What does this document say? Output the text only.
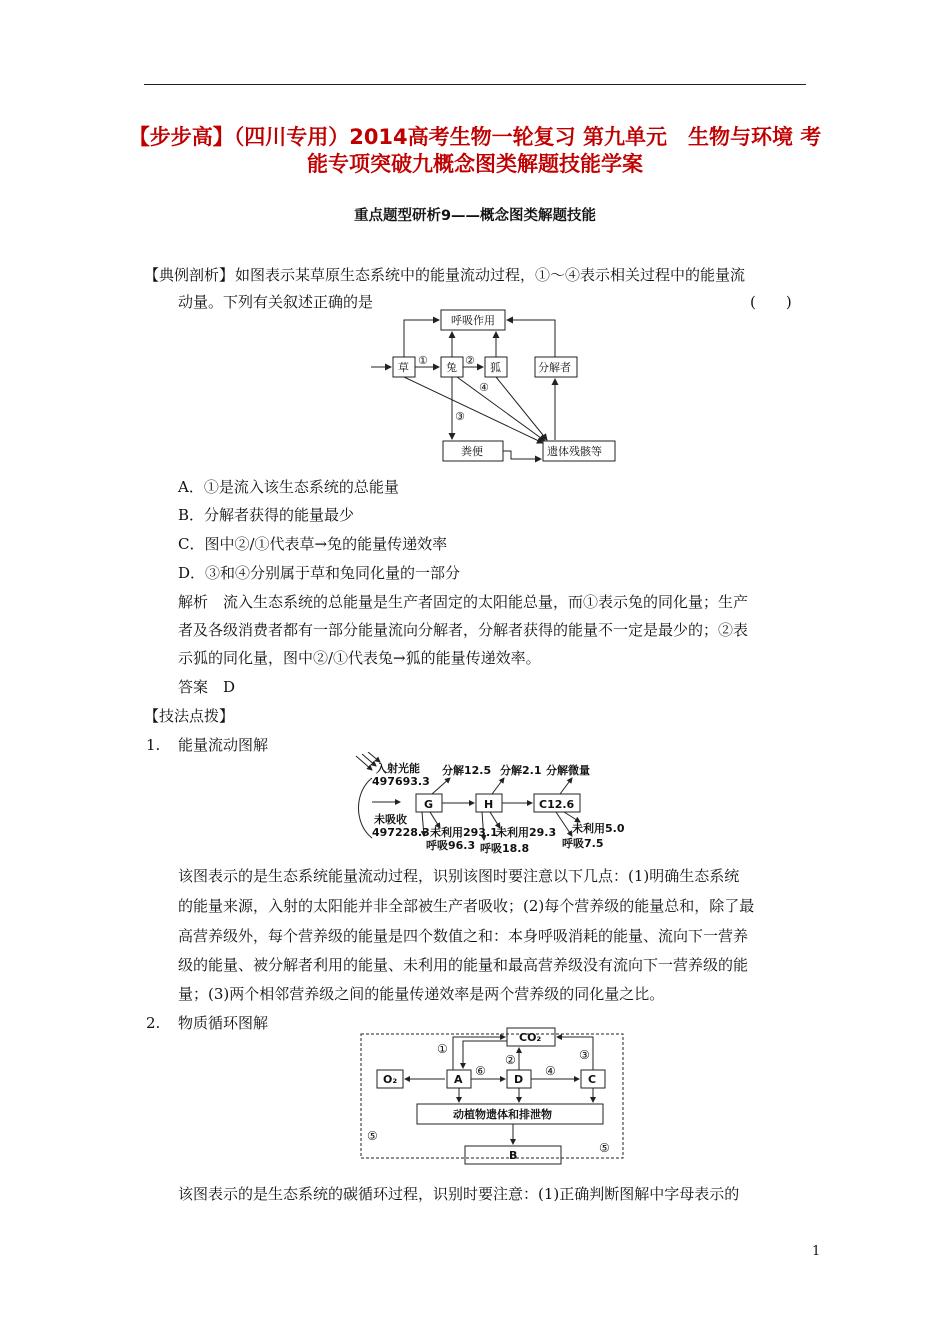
【步步高】（四川专用）2014高考生物一轮复习 第九单元　生物与环境 考能专项突破九概念图类解题技能学案
重点题型研析9——概念图类解题技能
【典例剖析】 如图表示某草原生态系统中的能量流动过程，①～④表示相关过程中的能量流
动量。下列有关叙述正确的是	(　　)
呼吸作用
草	兔	狐	分解者
粪便	遗体残骸等
①	②
③
④
A．①是流入该生态系统的总能量
B．分解者获得的能量最少
C．图中②/①代表草→兔的能量传递效率
D．③和④分别属于草和兔同化量的一部分
解析　流入生态系统的总能量是生产者固定的太阳能总量，而①表示兔的同化量；生产
者及各级消费者都有一部分能量流向分解者，分解者获得的能量不一定是最少的；②表
示狐的同化量，图中②/①代表兔→狐的能量传递效率。
答案　D
【技法点拨】
1. 能量流动图解
入射光能
497693.3
未吸收
497228.3
G	H	C12.6
分解12.5 分解2.1 分解微量
未利用293.1
未利用29.3 未利用5.0
呼吸96.3 呼吸18.8	呼吸7.5
该图表示的是生态系统能量流动过程，识别该图时要注意以下几点：(1)明确生态系统
的能量来源，入射的太阳能并非全部被生产者吸收；(2)每个营养级的能量总和，除了最
高营养级外，每个营养级的能量是四个数值之和：本身呼吸消耗的能量、流向下一营养
级的能量、被分解者利用的能量、未利用的能量和最高营养级没有流向下一营养级的能
量；(3)两个相邻营养级之间的能量传递效率是两个营养级的同化量之比。
2. 物质循环图解
CO₂
O₂	A	D	C
动植物遗体和排泄物
B
①
②	③
④
⑤
⑤
⑥
该图表示的是生态系统的碳循环过程，识别时要注意：(1)正确判断图解中字母表示的
1
